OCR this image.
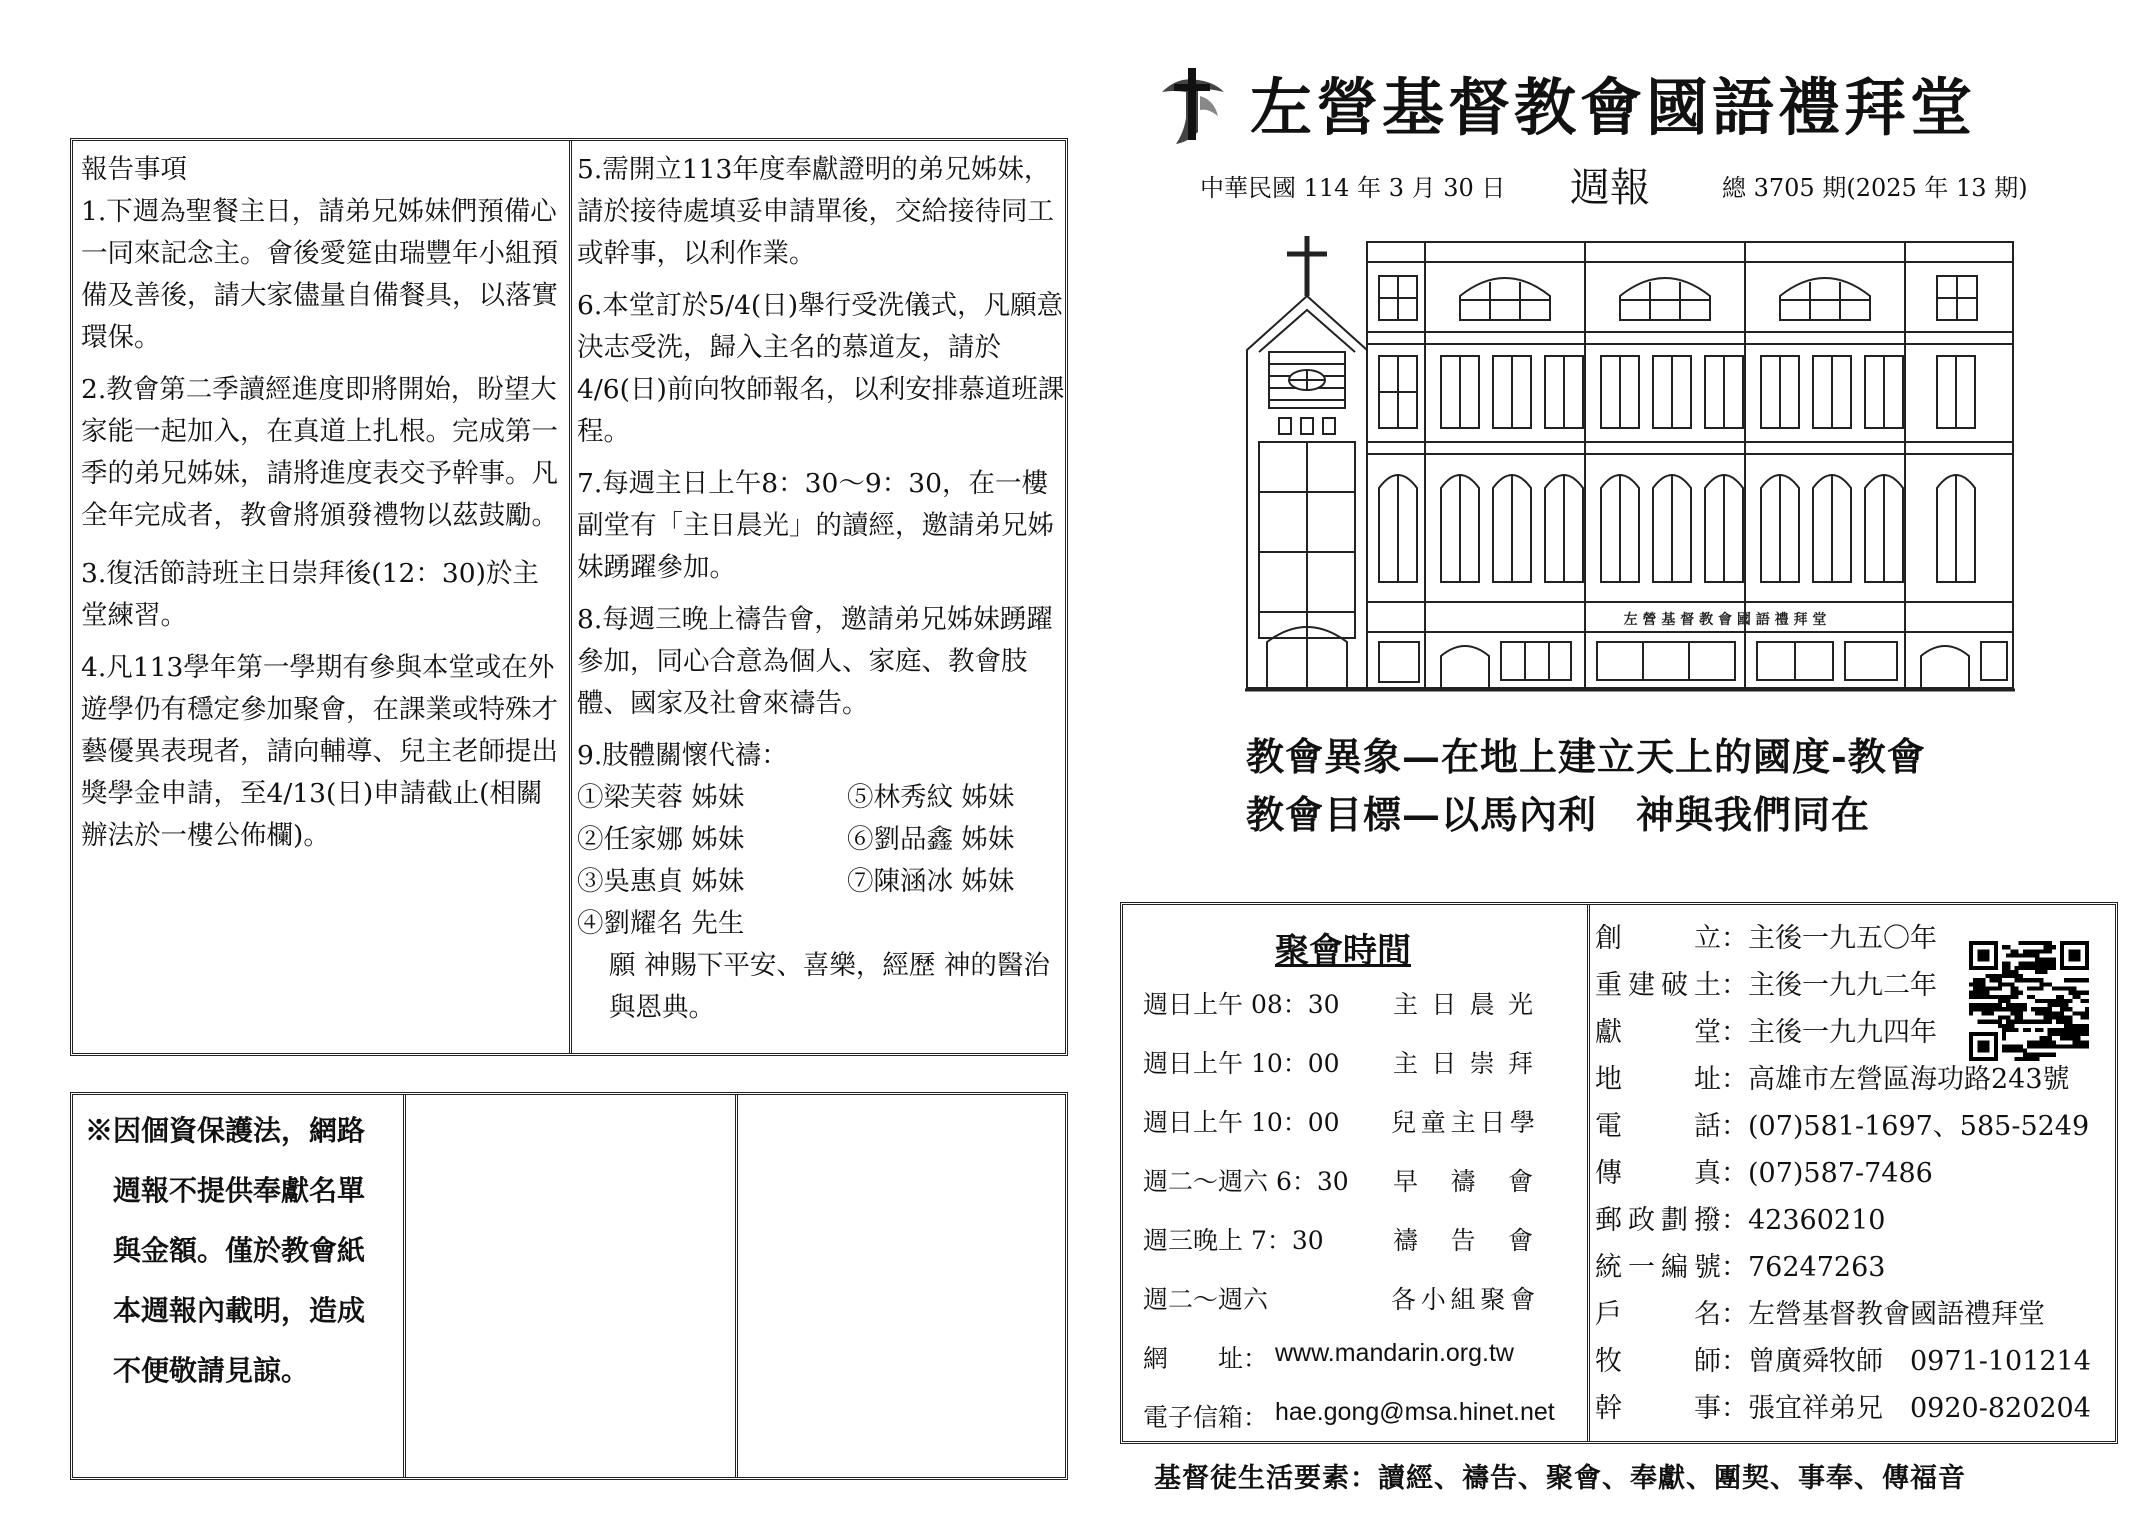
報告事項
1.下週為聖餐主日，請弟兄姊妹們預備心一同來記念主。會後愛筵由瑞豐年小組預備及善後，請大家儘量自備餐具，以落實環保。
2.教會第二季讀經進度即將開始，盼望大家能一起加入，在真道上扎根。完成第一季的弟兄姊妹，請將進度表交予幹事。凡全年完成者，教會將頒發禮物以茲鼓勵。
3.復活節詩班主日崇拜後(12：30)於主堂練習。
4.凡113學年第一學期有參與本堂或在外遊學仍有穩定參加聚會，在課業或特殊才藝優異表現者，請向輔導、兒主老師提出獎學金申請，至4/13(日)申請截止(相關辦法於一樓公佈欄)。
5.需開立113年度奉獻證明的弟兄姊妹，請於接待處填妥申請單後，交給接待同工或幹事，以利作業。
6.本堂訂於5/4(日)舉行受洗儀式，凡願意決志受洗，歸入主名的慕道友，請於4/6(日)前向牧師報名，以利安排慕道班課程。
7.每週主日上午8：30～9：30，在一樓副堂有「主日晨光」的讀經，邀請弟兄姊妹踴躍參加。
8.每週三晚上禱告會，邀請弟兄姊妹踴躍參加，同心合意為個人、家庭、教會肢體、國家及社會來禱告。
9.肢體關懷代禱：
①梁芙蓉 姊妹	⑤林秀紋 姊妹
②任家娜 姊妹	⑥劉品鑫 姊妹
③吳惠貞 姊妹	⑦陳涵冰 姊妹
④劉耀名 先生
願 神賜下平安、喜樂，經歷 神的醫治與恩典。
※因個資保護法，網路
週報不提供奉獻名單
與金額。僅於教會紙
本週報內載明，造成
不便敬請見諒。
左營基督教會國語禮拜堂
中華民國 114 年 3 月 30 日 週報	總 3705 期(2025 年 13 期)
左 營 基 督 教 會 國 語 禮 拜 堂
教會異象—在地上建立天上的國度-教會
教會目標—以馬內利　神與我們同在
聚會時間
週日上午 08：30 主日晨光
週日上午 10：00 主日崇拜
週日上午 10：00 兒童主日學
週二～週六 6：30 早禱會
週三晚上 7：30	禱告會
週二～週六	各小組聚會
網　　址： www.mandarin.org.tw
電子信箱： hae.gong@msa.hinet.net
創立 ： 主後一九五〇年
重建破土 ： 主後一九九二年
獻堂 ： 主後一九九四年
地址 ： 高雄市左營區海功路243號
電話 ： (07)581-1697、585-5249
傳真 ： (07)587-7486
郵政劃撥 ： 42360210
統一編號 ： 76247263
戶名 ： 左營基督教會國語禮拜堂
牧師 ： 曾廣舜牧師　0971-101214
幹事 ： 張宜祥弟兄　0920-820204
基督徒生活要素：讀經、禱告、聚會、奉獻、團契、事奉、傳福音
